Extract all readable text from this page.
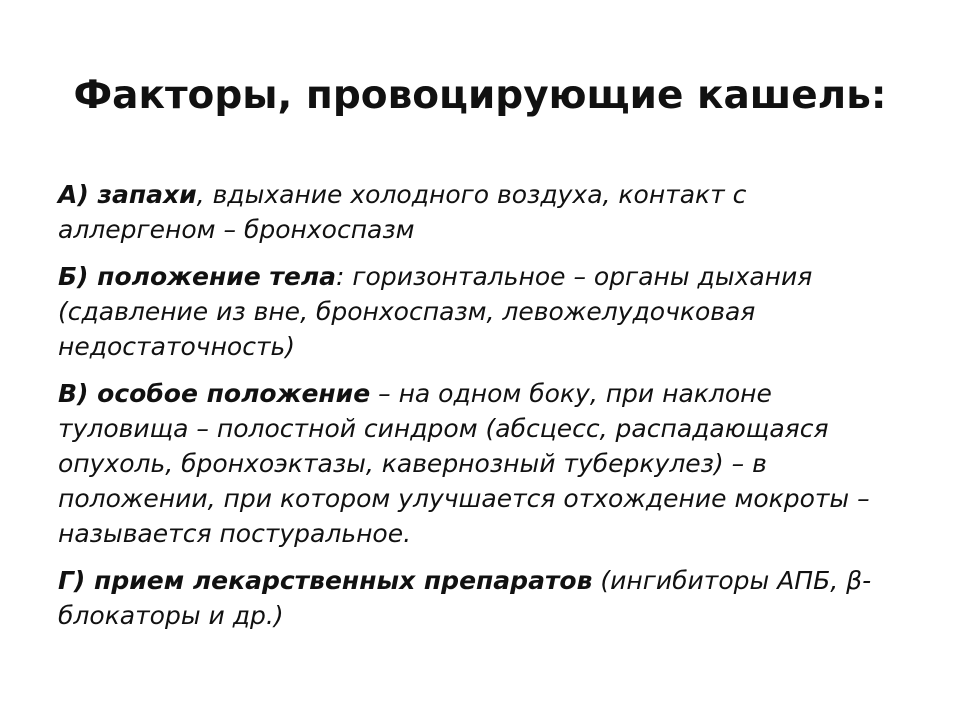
Факторы, провоцирующие кашель:

А) запахи, вдыхание холодного воздуха, контакт с аллергеном – бронхоспазм

Б) положение тела: горизонтальное – органы дыхания (сдавление из вне, бронхоспазм, левожелудочковая недостаточность)

В) особое положение – на одном боку, при наклоне туловища – полостной синдром (абсцесс, распадающаяся опухоль, бронхоэктазы, кавернозный туберкулез) – в положении, при котором улучшается отхождение мокроты – называется постуральное.

Г) прием лекарственных препаратов (ингибиторы АПБ, β-блокаторы и др.)
